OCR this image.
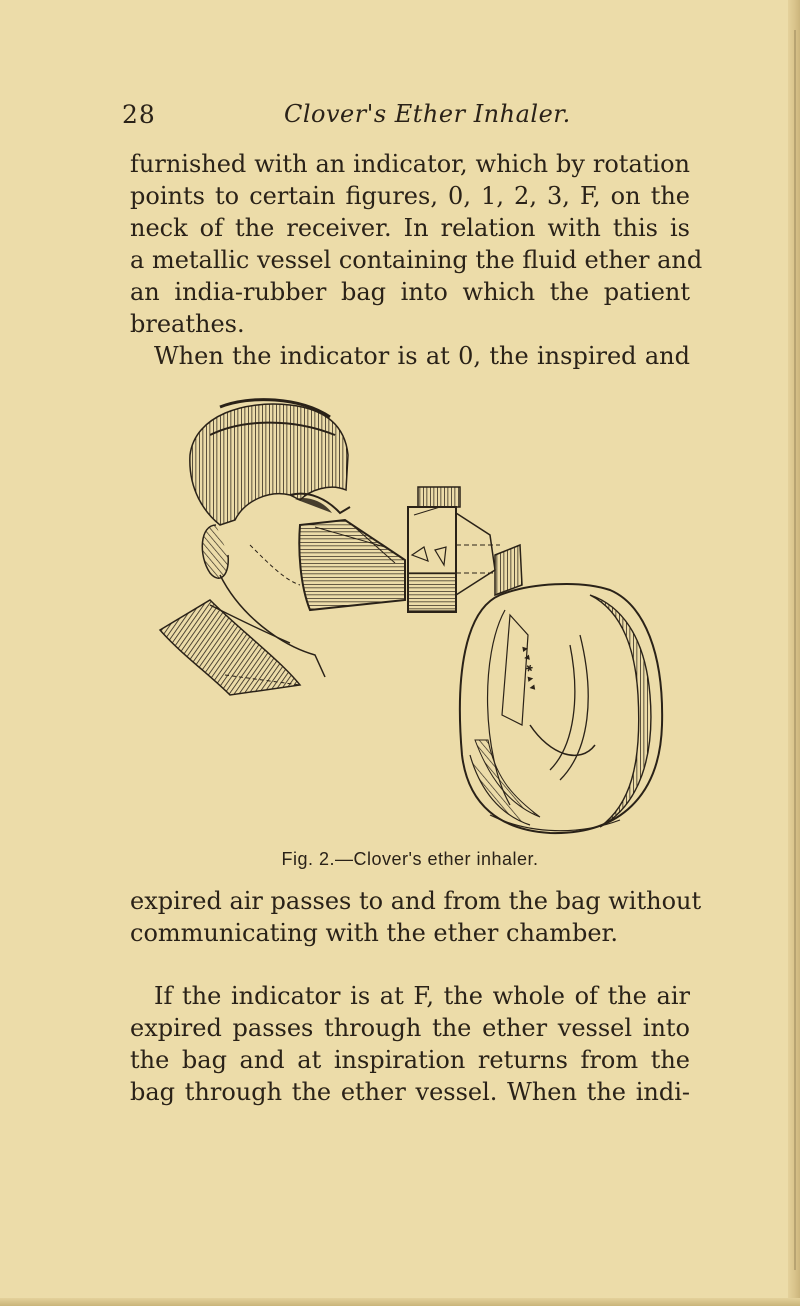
28	Clover's Ether Inhaler.
furnished with an indicator, which by rotation
points to certain figures, 0, 1, 2, 3, F, on the
neck of the receiver. In relation with this is
a metallic vessel containing the fluid ether and
an india-rubber bag into which the patient
breathes.
When the indicator is at 0, the inspired and
▲▼ ✱ ▲▼
Fig. 2.—Clover's ether inhaler.
expired air passes to and from the bag without
communicating with the ether chamber.
If the indicator is at F, the whole of the air
expired passes through the ether vessel into
the bag and at inspiration returns from the
bag through the ether vessel. When the indi-
